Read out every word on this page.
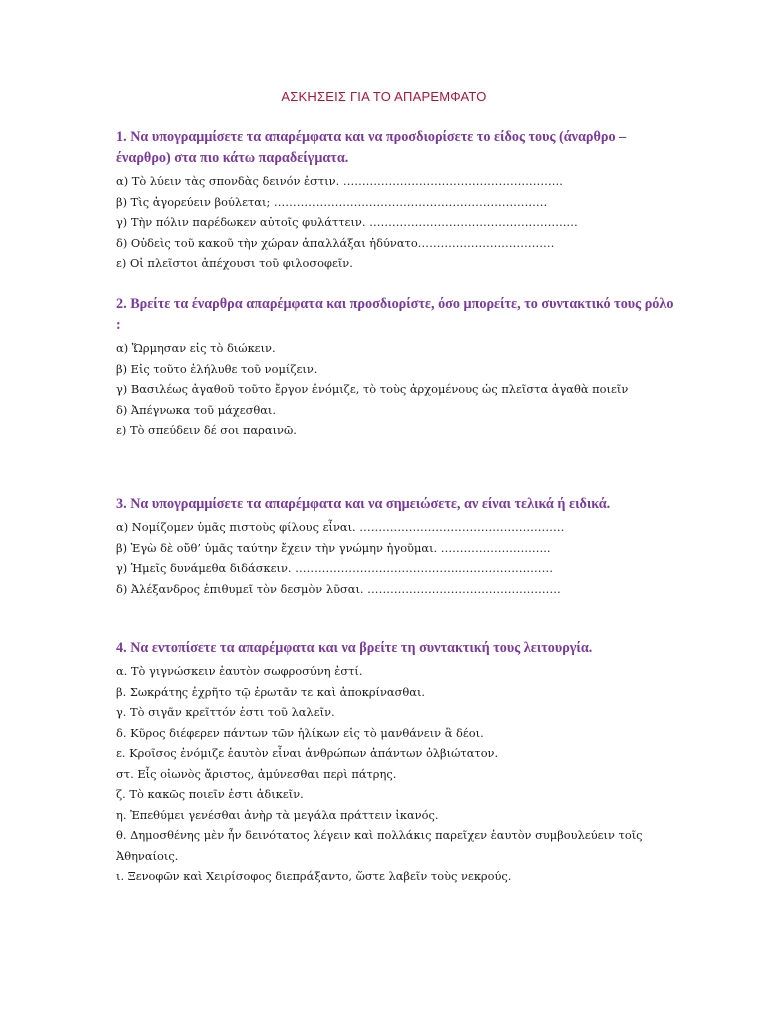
ΑΣΚΗΣΕΙΣ ΓΙΑ ΤΟ ΑΠΑΡΕΜΦΑΤΟ
1. Να υπογραμμίσετε τα απαρέμφατα και να προσδιορίσετε το είδος τους (άναρθρο – έναρθρο) στα πιο κάτω παραδείγματα.
α) Τὸ λύειν τὰς σπονδὰς δεινόν ἐστιν. ………………………………………………….
β) Τὶς ἀγορεύειν βούλεται; ………………………………………………………………
γ) Τὴν πόλιν παρέδωκεν αὐτοῖς φυλάττειν. …………………………………………….…
δ) Οὐδεὶς τοῦ κακοῦ τὴν χώραν ἀπαλλάξαι ἠδύνατο………………………………
ε) Οἱ πλεῖστοι ἀπέχουσι τοῦ φιλοσοφεῖν.
2. Βρείτε τα έναρθρα απαρέμφατα και προσδιορίστε, όσο μπορείτε, το συντακτικό τους ρόλο :
α) Ὥρμησαν εἰς τὸ διώκειν.
β) Εἰς τοῦτο ἐλήλυθε τοῦ νομίζειν.
γ) Βασιλέως ἀγαθοῦ τοῦτο ἔργον ἐνόμιζε, τὸ τοὺς ἀρχομένους ὡς πλεῖστα ἀγαθὰ ποιεῖν
δ) Ἀπέγνωκα τοῦ μάχεσθαι.
ε) Τὸ σπεύδειν δέ σοι παραινῶ.
3. Να υπογραμμίσετε τα απαρέμφατα και να σημειώσετε, αν είναι τελικά ή ειδικά.
α) Νομίζομεν ὑμᾶς πιστοὺς φίλους εἶναι. ………………………………………………
β) Ἐγὼ δὲ οὔθ’ ὑμᾶς ταύτην ἔχειν τὴν γνώμην ἡγοῦμαι. ………………………..
γ) Ἡμεῖς δυνάμεθα διδάσκειν. ……………………………………..……………………
δ) Ἀλέξανδρος ἐπιθυμεῖ τὸν δεσμὸν λῦσαι. ……………………………………………
4. Να εντοπίσετε τα απαρέμφατα και να βρείτε τη συντακτική τους λειτουργία.
α. Τὸ γιγνώσκειν ἑαυτὸν σωφροσύνη ἐστί.
β. Σωκράτης ἐχρῆτο τῷ ἐρωτᾶν τε καὶ ἀποκρίνασθαι.
γ. Τὸ σιγᾶν κρεῖττόν ἐστι τοῦ λαλεῖν.
δ. Κῦρος διέφερεν πάντων τῶν ἡλίκων εἰς τὸ μανθάνειν ἃ δέοι.
ε. Κροῖσος ἐνόμιζε ἑαυτὸν εἶναι ἀνθρώπων ἁπάντων ὀλβιώτατον.
στ. Εἷς οἰωνὸς ἄριστος, ἀμύνεσθαι περὶ πάτρης.
ζ. Τὸ κακῶς ποιεῖν ἐστι ἀδικεῖν.
η. Ἐπεθύμει γενέσθαι ἀνὴρ τὰ μεγάλα πράττειν ἱκανός.
θ. Δημοσθένης μὲν ἦν δεινότατος λέγειν καὶ πολλάκις παρεῖχεν ἑαυτὸν συμβουλεύειν τοῖς Ἀθηναίοις.
ι. Ξενοφῶν καὶ Χειρίσοφος διεπράξαντο, ὥστε λαβεῖν τοὺς νεκρούς.
